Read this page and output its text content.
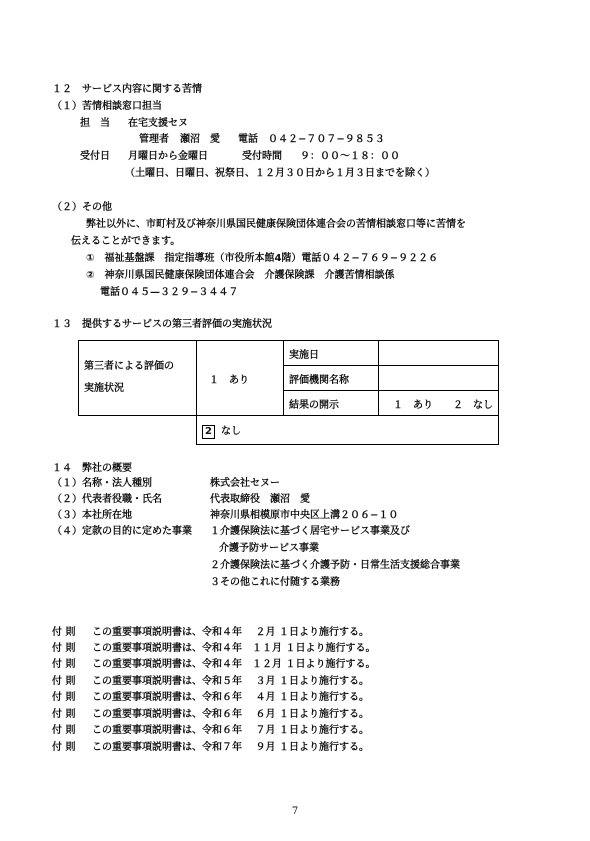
１２　サービス内容に関する苦情
（１）苦情相談窓口担当
担　当 在宅支援セヌ
管理者 瀬沼　愛 電話　０４２−７０７−９８５３
受付日 月曜日から金曜日	受付時間 ９：００〜１８：００
（土曜日、日曜日、祝祭日、１２月３０日から１月３日までを除く）
（２）その他
弊社以外に、市町村及び神奈川県国民健康保険団体連合会の苦情相談窓口等に苦情を
伝えることができます。
①　福祉基盤課　指定指導班（市役所本館4階）電話０４２−７６９−９２２６
②　神奈川県国民健康保険団体連合会　介護保険課　介護苦情相談係
電話０４５—３２９−３４４７
１３　提供するサービスの第三者評価の実施状況
第三者による評価の
実施状況	１　あり	実施日	
		評価機関名称	
		結果の開示	１　あり　　２　なし
	2 なし		
１４　弊社の概要
（１）名称・法人種別	株式会社セヌー
（２）代表者役職・氏名	代表取締役　瀬沼　愛
（３）本社所在地	神奈川県相模原市中央区上溝２０６−１０
（４）定款の目的に定めた事業 １介護保険法に基づく居宅サービス事業及び
介護予防サービス事業
２介護保険法に基づく介護予防・日常生活支援総合事業
３その他これに付随する業務
付 則 この重要事項説明書は、令和４年　 ２月 １日より施行する。
付 則 この重要事項説明書は、令和４年　１１月 １日より施行する。
付 則 この重要事項説明書は、令和４年　１２月 １日より施行する。
付 則 この重要事項説明書は、令和５年　 ３月 １日より施行する。
付 則 この重要事項説明書は、令和６年　 ４月 １日より施行する。
付 則 この重要事項説明書は、令和６年　 ６月 １日より施行する。
付 則 この重要事項説明書は、令和６年　 ７月 １日より施行する。
付 則 この重要事項説明書は、令和７年　 ９月 １日より施行する。
7
